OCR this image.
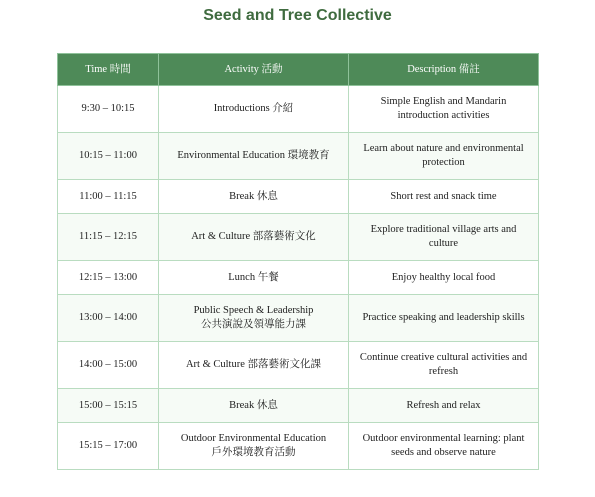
Seed and Tree Collective
Time 時間	Activity 活動	Description 備註
9:30 – 10:15	Introductions 介紹	Simple English and Mandarin
introduction activities

10:15 – 11:00	Environmental Education 環境教育	Learn about nature and environmental
protection

11:00 – 11:15	Break 休息	Short rest and snack time

11:15 – 12:15	Art & Culture 部落藝術文化	Explore traditional village arts and
culture

12:15 – 13:00	Lunch 午餐	Enjoy healthy local food

13:00 – 14:00	Public Speech & Leadership
公共演說及領導能力課	Practice speaking and leadership skills

14:00 – 15:00	Art & Culture 部落藝術文化課	Continue creative cultural activities and
refresh

15:00 – 15:15	Break 休息	Refresh and relax

15:15 – 17:00	Outdoor Environmental Education
戶外環境教育活動	Outdoor environmental learning: plant
seeds and observe nature
